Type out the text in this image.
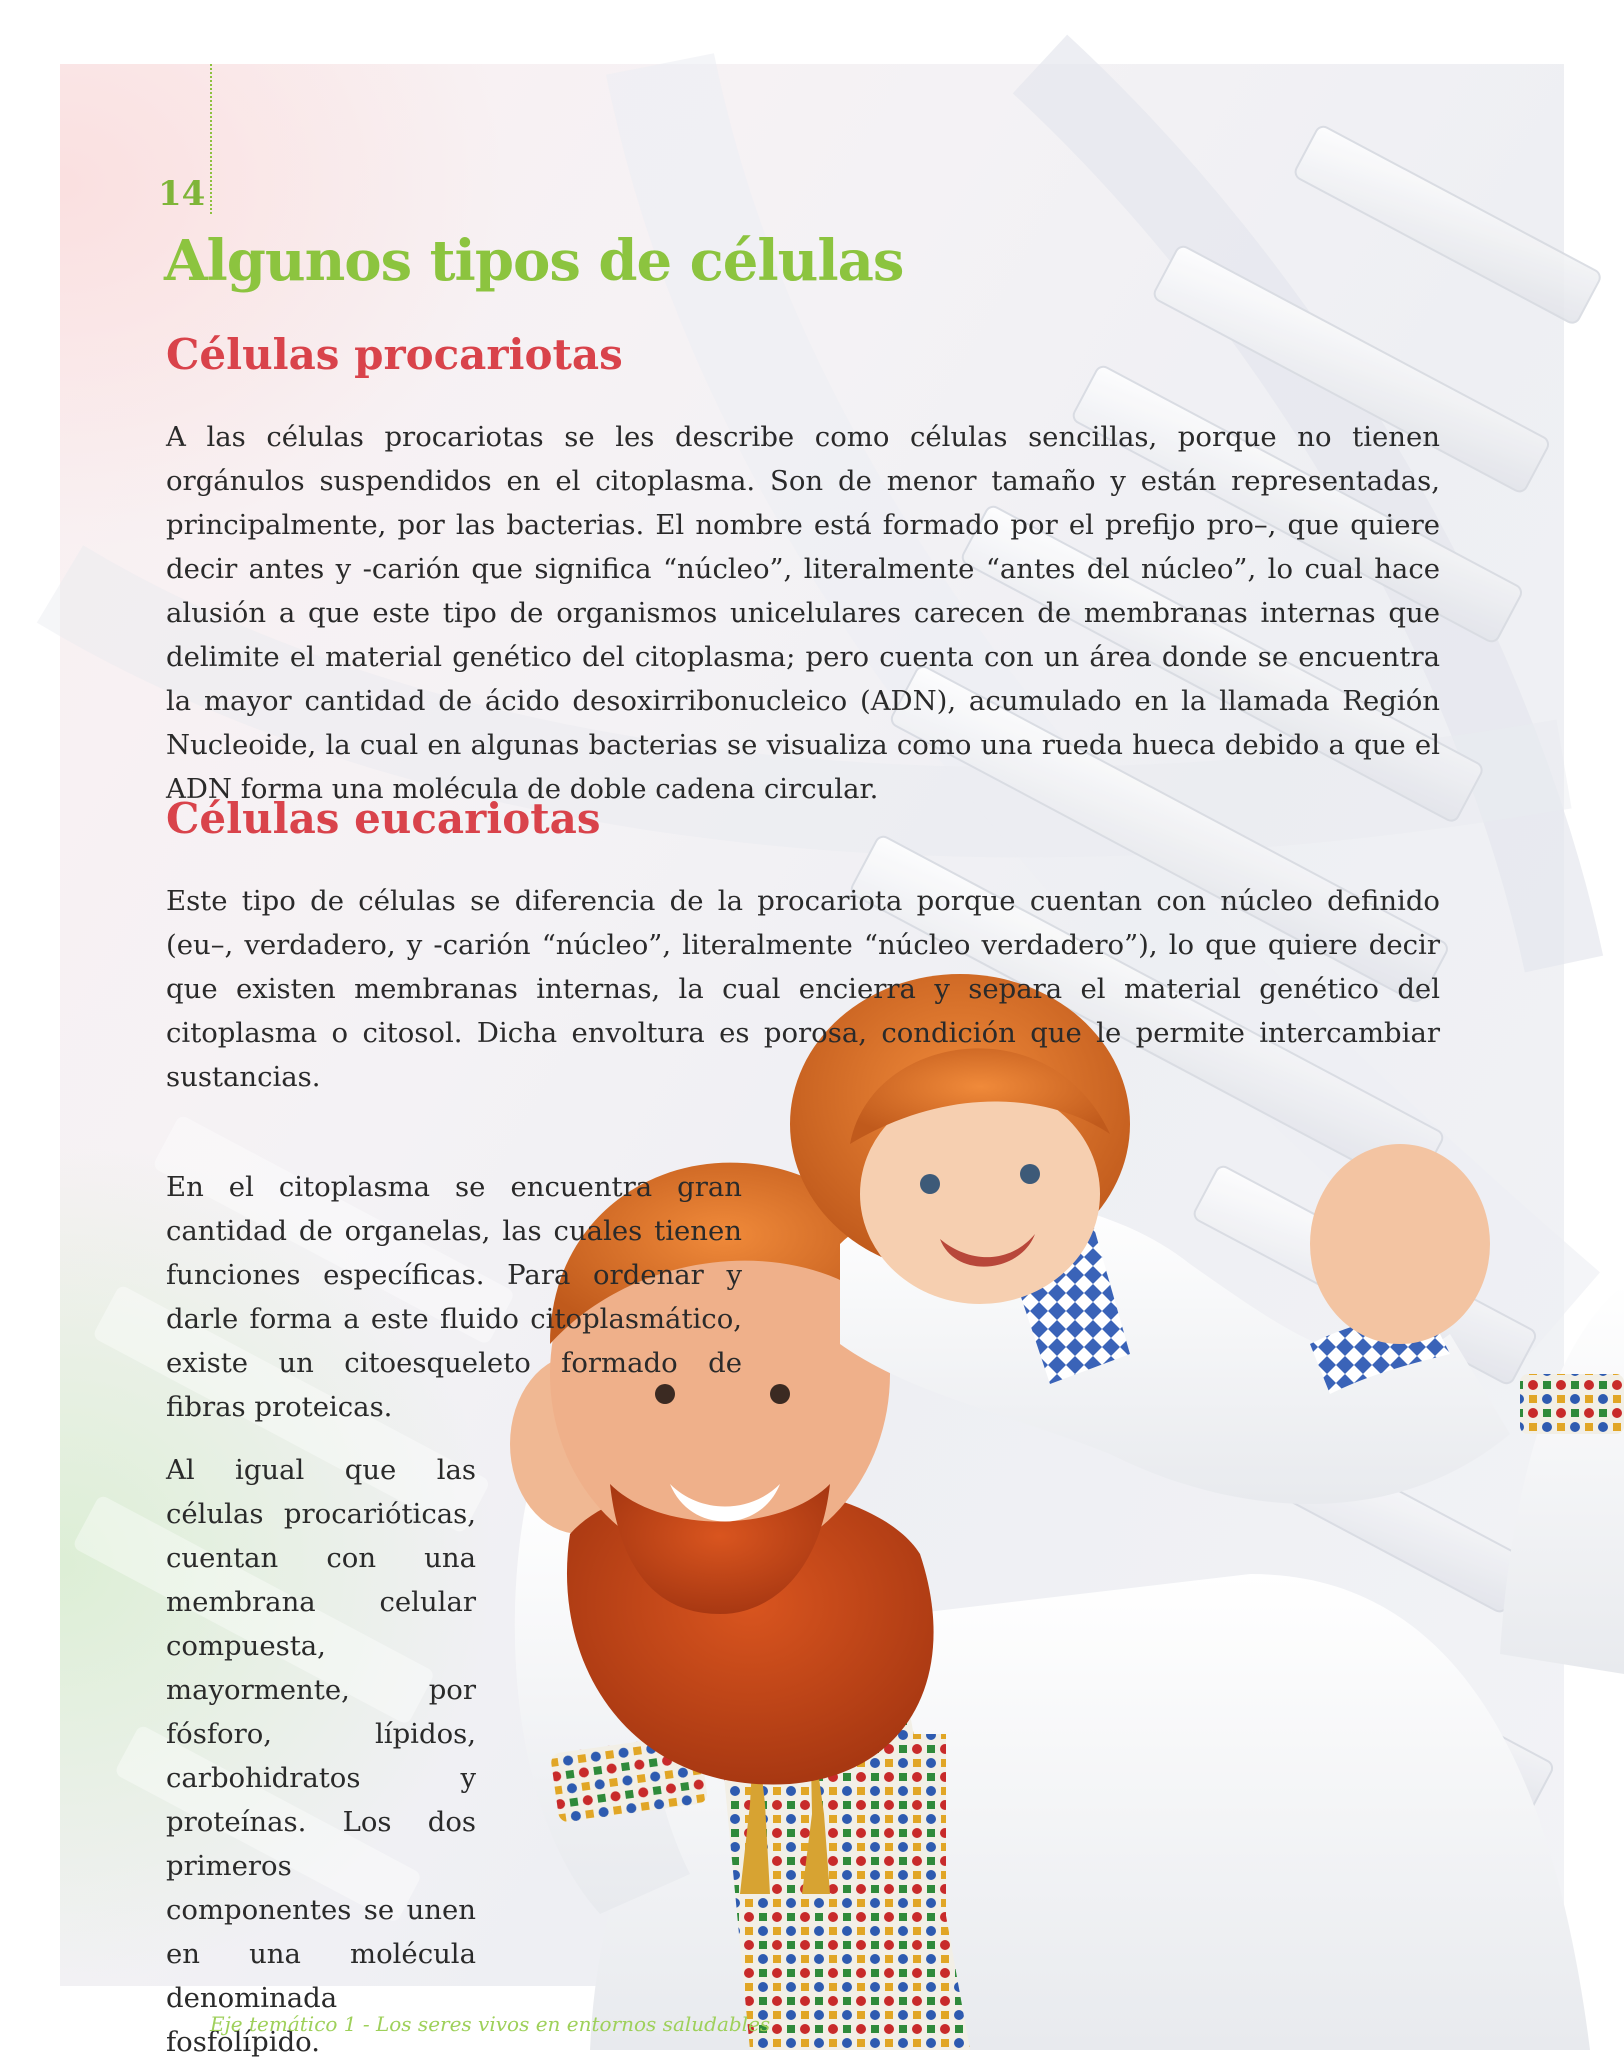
14
Algunos tipos de células
Células procariotas

A las células procariotas se les describe como células sencillas, porque no tienen orgánulos suspendidos en el citoplasma. Son de menor tamaño y están representadas, principalmente, por las bacterias. El nombre está formado por el prefijo pro–, que quiere decir antes y -carión que significa “núcleo”, literalmente “antes del núcleo”, lo cual hace alusión a que este tipo de organismos unicelulares carecen de membranas internas que delimite el material genético del citoplasma; pero cuenta con un área donde se encuentra la mayor cantidad de ácido desoxirribonucleico (ADN), acumulado en la llamada Región Nucleoide, la cual en algunas bacterias se visualiza como una rueda hueca debido a que el ADN forma una molécula de doble cadena circular.

Células eucariotas

Este tipo de células se diferencia de la procariota porque cuentan con núcleo definido (eu–, verdadero, y -carión “núcleo”, literalmente “núcleo verdadero”), lo que quiere decir que existen membranas internas, la cual encierra y separa el material genético del citoplasma o citosol. Dicha envoltura es porosa, condición que le permite intercambiar sustancias.

En el citoplasma se encuentra gran cantidad de organelas, las cuales tienen funciones específicas. Para ordenar y darle forma a este fluido citoplasmático, existe un citoesqueleto formado de fibras proteicas.

Al igual que las células procarióticas, cuentan con una membrana celular compuesta, mayormente, por fósforo, lípidos, carbohidratos y proteínas. Los dos primeros componentes se unen en una molécula denominada fosfolípido.

Eje temático 1 - Los seres vivos en entornos saludables
